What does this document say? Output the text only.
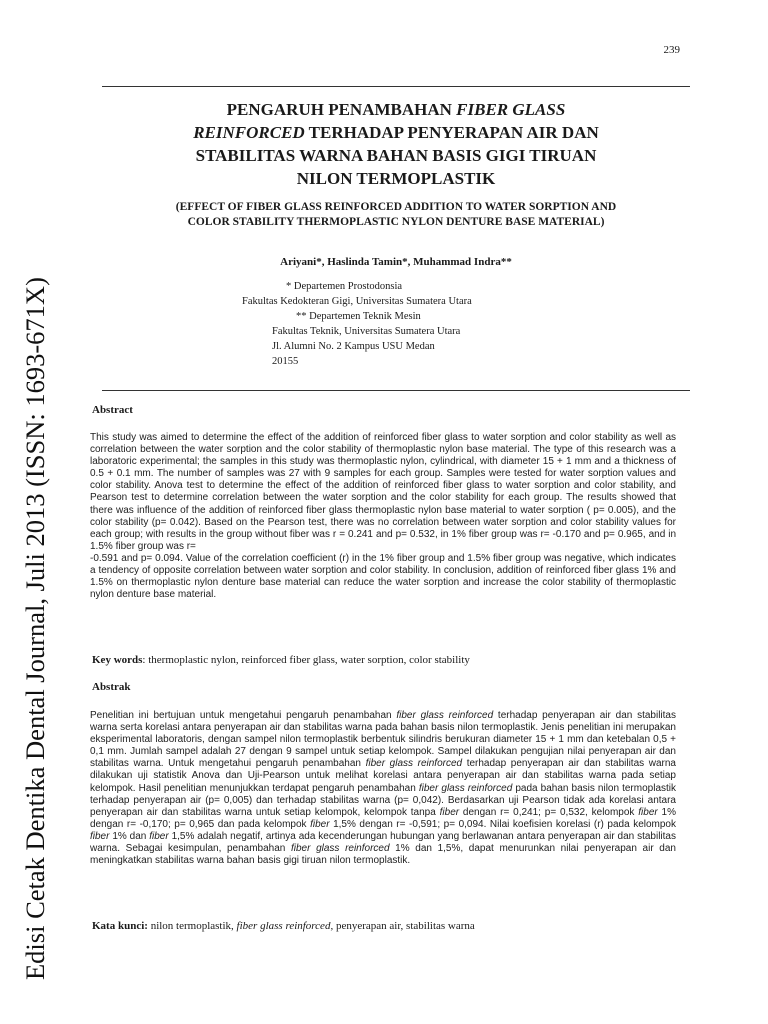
Edisi Cetak Dentika Dental Journal, Juli 2013 (ISSN: 1693-671X)
239
PENGARUH PENAMBAHAN FIBER GLASS
REINFORCED TERHADAP PENYERAPAN AIR DAN
STABILITAS WARNA BAHAN BASIS GIGI TIRUAN
NILON TERMOPLASTIK
(EFFECT OF FIBER GLASS REINFORCED ADDITION TO WATER SORPTION AND
COLOR STABILITY THERMOPLASTIC NYLON DENTURE BASE MATERIAL)
Ariyani*, Haslinda Tamin*, Muhammad Indra**
* Departemen Prostodonsia
Fakultas Kedokteran Gigi, Universitas Sumatera Utara
** Departemen Teknik Mesin
Fakultas Teknik, Universitas Sumatera Utara
Jl. Alumni No. 2 Kampus USU Medan
20155
Abstract
This study was aimed to determine the effect of the addition of reinforced fiber glass to water sorption and color stability as well as correlation between the water sorption and the color stability of thermoplastic nylon base material. The type of this research was a laboratoric experimental; the samples in this study was thermoplastic nylon, cylindrical, with diameter 15 + 1 mm and a thickness of 0.5 + 0.1 mm. The number of samples was 27 with 9 samples for each group. Samples were tested for water sorption values and color stability. Anova test to determine the effect of the addition of reinforced fiber glass to water sorption and color stability, and Pearson test to determine correlation between the water sorption and the color stability for each group. The results showed that there was influence of the addition of reinforced fiber glass thermoplastic nylon base material to water sorption ( p= 0.005), and the color stability (p= 0.042). Based on the Pearson test, there was no correlation between water sorption and color stability values for each group; with results in the group without fiber was r = 0.241 and p= 0.532, in 1% fiber group was r= -0.170 and p= 0.965, and in 1.5% fiber group was r=
-0.591 and p= 0.094. Value of the correlation coefficient (r) in the 1% fiber group and 1.5% fiber group was negative, which indicates a tendency of opposite correlation between water sorption and color stability. In conclusion, addition of reinforced fiber glass 1% and 1.5% on thermoplastic nylon denture base material can reduce the water sorption and increase the color stability of thermoplastic nylon denture base material.
Key words: thermoplastic nylon, reinforced fiber glass, water sorption, color stability
Abstrak
Penelitian ini bertujuan untuk mengetahui pengaruh penambahan fiber glass reinforced terhadap penyerapan air dan stabilitas warna serta korelasi antara penyerapan air dan stabilitas warna pada bahan basis nilon termoplastik. Jenis penelitian ini merupakan eksperimental laboratoris, dengan sampel nilon termoplastik berbentuk silindris berukuran diameter 15 + 1 mm dan ketebalan 0,5 + 0,1 mm. Jumlah sampel adalah 27 dengan 9 sampel untuk setiap kelompok. Sampel dilakukan pengujian nilai penyerapan air dan stabilitas warna. Untuk mengetahui pengaruh penambahan fiber glass reinforced terhadap penyerapan air dan stabilitas warna dilakukan uji statistik Anova dan Uji-Pearson untuk melihat korelasi antara penyerapan air dan stabilitas warna pada setiap kelompok. Hasil penelitian menunjukkan terdapat pengaruh penambahan fiber glass reinforced pada bahan basis nilon termoplastik terhadap penyerapan air (p= 0,005) dan terhadap stabilitas warna (p= 0,042). Berdasarkan uji Pearson tidak ada korelasi antara penyerapan air dan stabilitas warna untuk setiap kelompok, kelompok tanpa fiber dengan r= 0,241; p= 0,532, kelompok fiber 1% dengan r= -0,170; p= 0,965 dan pada kelompok fiber 1,5% dengan r= -0,591; p= 0,094. Nilai koefisien korelasi (r) pada kelompok fiber 1% dan fiber 1,5% adalah negatif, artinya ada kecenderungan hubungan yang berlawanan antara penyerapan air dan stabilitas warna. Sebagai kesimpulan, penambahan fiber glass reinforced 1% dan 1,5%, dapat menurunkan nilai penyerapan air dan meningkatkan stabilitas warna bahan basis gigi tiruan nilon termoplastik.
Kata kunci: nilon termoplastik, fiber glass reinforced, penyerapan air, stabilitas warna
